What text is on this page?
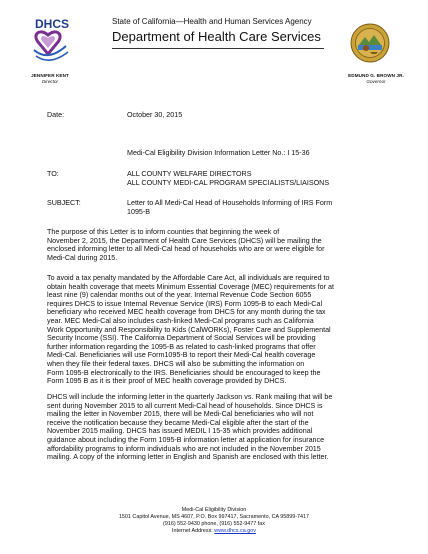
DHCS	State of California—Health and Human Services Agency
Department of Health Care Services
JENNIFER KENT
Director
EDMUND G. BROWN JR.
Governor
Date:	October 30, 2015
Medi-Cal Eligibility Division Information Letter No.: I 15-36
TO:	ALL COUNTY WELFARE DIRECTORS
ALL COUNTY MEDI-CAL PROGRAM SPECIALISTS/LIAISONS
SUBJECT:	Letter to All Medi-Cal Head of Households Informing of IRS Form
1095-B
The purpose of this Letter is to inform counties that beginning the week of
November 2, 2015, the Department of Health Care Services (DHCS) will be mailing the
enclosed informing letter to all Medi-Cal head of households who are or were eligible for
Medi-Cal during 2015.
To avoid a tax penalty mandated by the Affordable Care Act, all individuals are required to
obtain health coverage that meets Minimum Essential Coverage (MEC) requirements for at
least nine (9) calendar months out of the year. Internal Revenue Code Section 6055
requires DHCS to issue Internal Revenue Service (IRS) Form 1095-B to each Medi-Cal
beneficiary who received MEC health coverage from DHCS for any month during the tax
year. MEC Medi-Cal also includes cash-linked Medi-Cal programs such as California
Work Opportunity and Responsibility to Kids (CalWORKs), Foster Care and Supplemental
Security Income (SSI). The California Department of Social Services will be providing
further information regarding the 1095-B as related to cash-linked programs that offer
Medi-Cal. Beneficiaries will use Form1095-B to report their Medi-Cal health coverage
when they file their federal taxes. DHCS will also be submitting the information on
Form 1095-B electronically to the IRS. Beneficiaries should be encouraged to keep the
Form 1095 B as it is their proof of MEC health coverage provided by DHCS.
DHCS will include the informing letter in the quarterly Jackson vs. Rank mailing that will be
sent during November 2015 to all current Medi-Cal head of households. Since DHCS is
mailing the letter in November 2015, there will be Medi-Cal beneficiaries who will not
receive the notification because they became Medi-Cal eligible after the start of the
November 2015 mailing. DHCS has issued MEDIL I 15-35 which provides additional
guidance about including the Form 1095-B information letter at application for insurance
affordability programs to inform individuals who are not included in the November 2015
mailing. A copy of the informing letter in English and Spanish are enclosed with this letter.
Medi-Cal Eligibility Division
1501 Capitol Avenue, MS 4607, P.O. Box 997417, Sacramento, CA 95899-7417
(916) 552-9430 phone, (916) 552-9477 fax
Internet Address: www.dhcs.ca.gov
